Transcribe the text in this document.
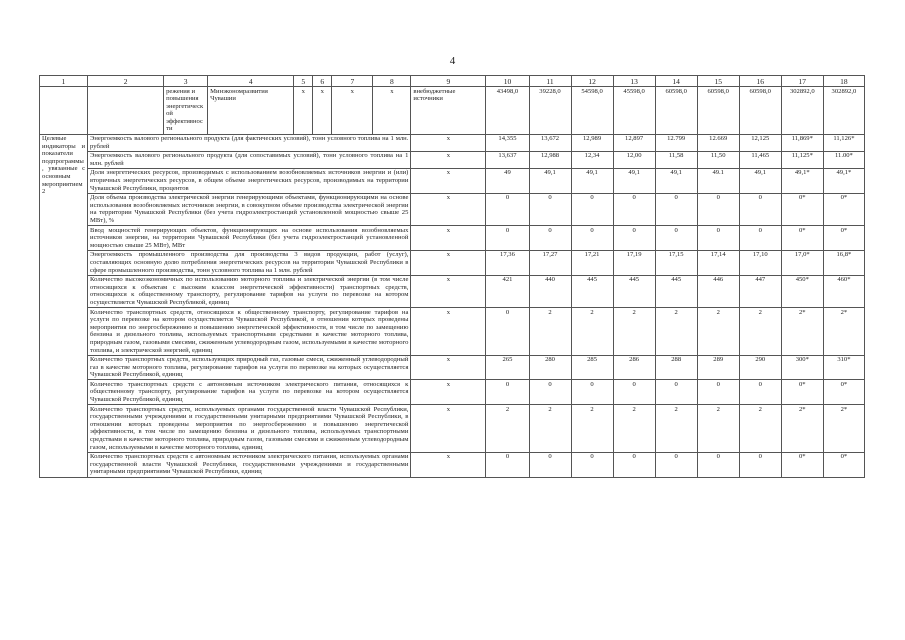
4
1	2	3	4	5	6	7	8	9	10	11	12	13	14	15	16	17	18
		режения и повышения энергетической эффективности	Минэкономразвития Чувашии	x	x	x	x	внебюджетные источники	43498,0	39228,0	54598,0	45598,0	60598,0	60598,0	60598,0	302892,0	302892,0
Целевые индикаторы и показатели подпрограммы, увязанные с основным мероприятием 2	Энергоемкость валового регионального продукта (для фактических условий), тонн условного топлива на 1 млн. рублей							x	14,355	13,672	12,989	12,897	12.799	12.669	12,125	11,869*	11,126*
	Энергоемкость валового регионального продукта (для сопоставимых условий), тонн условного топлива на 1 млн. рублей							x	13,637	12,988	12,34	12,00	11,58	11,50	11,465	11,125*	11.00*
	Доля энергетических ресурсов, производимых с использованием возобновляемых источников энергии и (или) вторичных энергетических ресурсов, в общем объеме энергетических ресурсов, производимых на территории Чувашской Республики, процентов							x	49	49,1	49,1	49,1	49,1	49.1	49,1	49,1*	49,1*
	Доля объема производства электрической энергии генерирующими объектами, функционирующими на основе использования возобновляемых источников энергии, в совокупном объеме производства электрической энергии на территории Чувашской Республики (без учета гидроэлектростанций установленной мощностью свыше 25 МВт), %							x	0	0	0	0	0	0	0	0*	0*
	Ввод мощностей генерирующих объектов, функционирующих на основе использования возобновляемых источников энергии, на территории Чувашской Республики (без учета гидроэлектростанций установленной мощностью свыше 25 МВт), МВт							x	0	0	0	0	0	0	0	0*	0*
	Энергоемкость промышленного производства для производства 3 видов продукции, работ (услуг), составляющих основную долю потребления энергетических ресурсов на территории Чувашской Республики в сфере промышленного производства, тонн условного топлива на 1 млн. рублей							x	17,36	17,27	17,21	17,19	17,15	17,14	17,10	17,0*	16,8*
	Количество высокоэкономичных по использованию моторного топлива и электрической энергии (в том числе относящихся к объектам с высоким классом энергетической эффективности) транспортных средств, относящихся к общественному транспорту, регулирование тарифов на услуги по перевозке на котором осуществляется Чувашской Республикой, единиц							x	421	440	445	445	445	446	447	450*	460*
	Количество транспортных средств, относящихся к общественному транспорту, регулирование тарифов на услуги по перевозке на котором осуществляется Чувашской Республикой, в отношении которых проведены мероприятия по энергосбережению и повышению энергетической эффективности, в том числе по замещению бензина и дизельного топлива, используемых транспортными средствами в качестве моторного топлива, природным газом, газовыми смесями, сжиженным углеводородным газом, используемыми в качестве моторного топлива, и электрической энергией, единиц							x	0	2	2	2	2	2	2	2*	2*
	Количество транспортных средств, использующих природный газ, газовые смеси, сжиженный углеводородный газ в качестве моторного топлива, регулирование тарифов на услуги по перевозке на которых осуществляется Чувашской Республикой, единиц							x	265	280	285	286	288	289	290	300*	310*
	Количество транспортных средств с автономным источником электрического питания, относящихся к общественному транспорту, регулирование тарифов на услуги по перевозке на котором осуществляется Чувашской Республикой, единиц							x	0	0	0	0	0	0	0	0*	0*
	Количество транспортных средств, используемых органами государственной власти Чувашской Республики, государственными учреждениями и государственными унитарными предприятиями Чувашской Республики, в отношении которых проведены мероприятия по энергосбережению и повышению энергетической эффективности, в том числе по замещению бензина и дизельного топлива, используемых транспортными средствами в качестве моторного топлива, природным газом, газовыми смесями и сжиженным углеводородным газом, используемыми в качестве моторного топлива, единиц							x	2	2	2	2	2	2	2	2*	2*
	Количество транспортных средств с автономным источником электрического питания, используемых органами государственной власти Чувашской Республики, государственными учреждениями и государственными унитарными предприятиями Чувашской Республики, единиц							x	0	0	0	0	0	0	0	0*	0*
